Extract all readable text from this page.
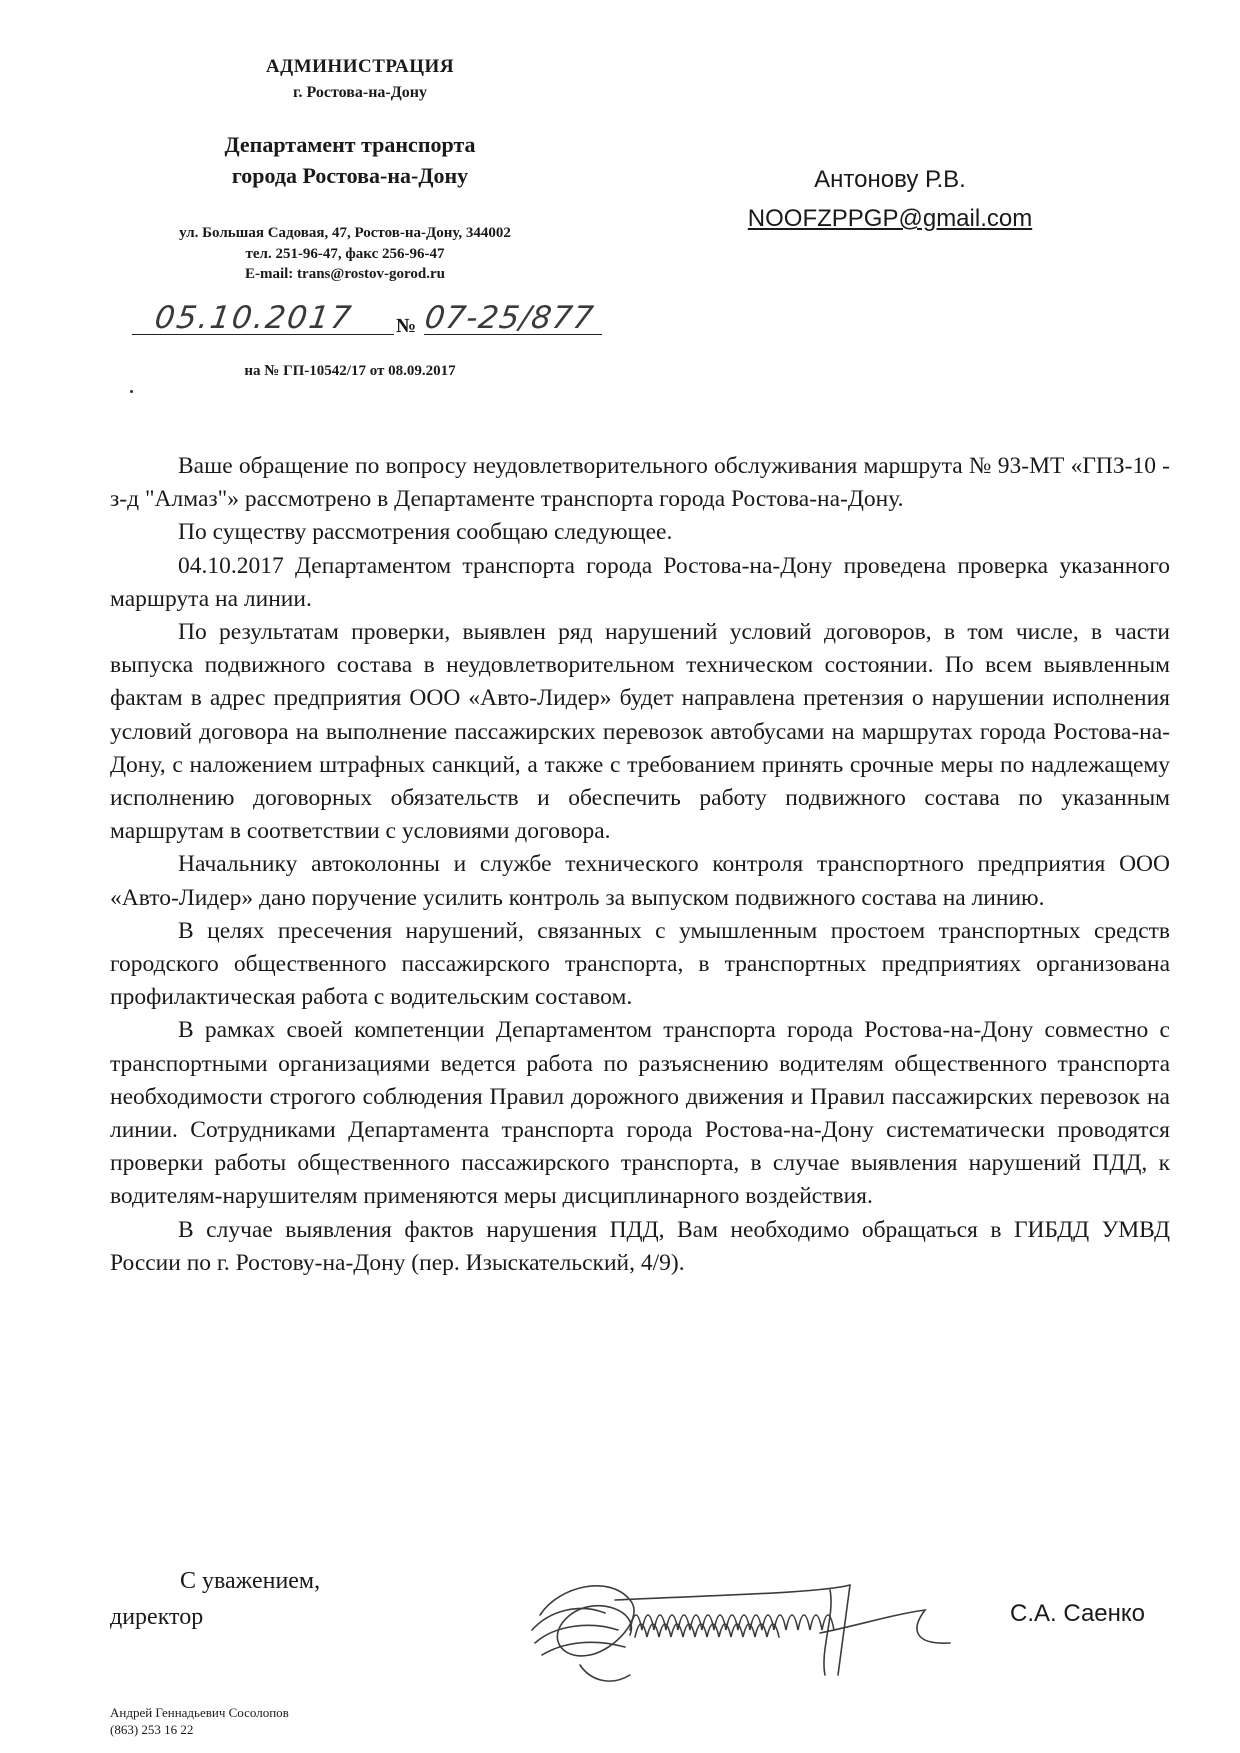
АДМИНИСТРАЦИЯ
г. Ростова-на-Дону
Департамент транспорта
города Ростова-на-Дону
ул. Большая Садовая, 47, Ростов-на-Дону, 344002
тел. 251-96-47, факс 256-96-47
E-mail: trans@rostov-gorod.ru
05.10.2017 № 07-25/877
на № ГП-10542/17 от 08.09.2017
Антонову Р.В.
NOOFZPPGP@gmail.com

Ваше обращение по вопросу неудовлетворительного обслуживания маршрута № 93-МТ «ГПЗ-10 - з-д "Алмаз"» рассмотрено в Департаменте транспорта города Ростова-на-Дону.

По существу рассмотрения сообщаю следующее.

04.10.2017 Департаментом транспорта города Ростова-на-Дону проведена проверка указанного маршрута на линии.

По результатам проверки, выявлен ряд нарушений условий договоров, в том числе, в части выпуска подвижного состава в неудовлетворительном техническом состоянии. По всем выявленным фактам в адрес предприятия ООО «Авто-Лидер» будет направлена претензия о нарушении исполнения условий договора на выполнение пассажирских перевозок автобусами на маршрутах города Ростова-на-Дону, с наложением штрафных санкций, а также с требованием принять срочные меры по надлежащему исполнению договорных обязательств и обеспечить работу подвижного состава по указанным маршрутам в соответствии с условиями договора.

Начальнику автоколонны и службе технического контроля транспортного предприятия ООО «Авто-Лидер» дано поручение усилить контроль за выпуском подвижного состава на линию.

В целях пресечения нарушений, связанных с умышленным простоем транспортных средств городского общественного пассажирского транспорта, в транспортных предприятиях организована профилактическая работа с водительским составом.

В рамках своей компетенции Департаментом транспорта города Ростова-на-Дону совместно с транспортными организациями ведется работа по разъяснению водителям общественного транспорта необходимости строгого соблюдения Правил дорожного движения и Правил пассажирских перевозок на линии. Сотрудниками Департамента транспорта города Ростова-на-Дону систематически проводятся проверки работы общественного пассажирского транспорта, в случае выявления нарушений ПДД, к водителям-нарушителям применяются меры дисциплинарного воздействия.

В случае выявления фактов нарушения ПДД, Вам необходимо обращаться в ГИБДД УМВД России по г. Ростову-на-Дону (пер. Изыскательский, 4/9).

С уважением,
директор	С.А. Саенко
Андрей Геннадьевич Сосолопов
(863) 253 16 22
